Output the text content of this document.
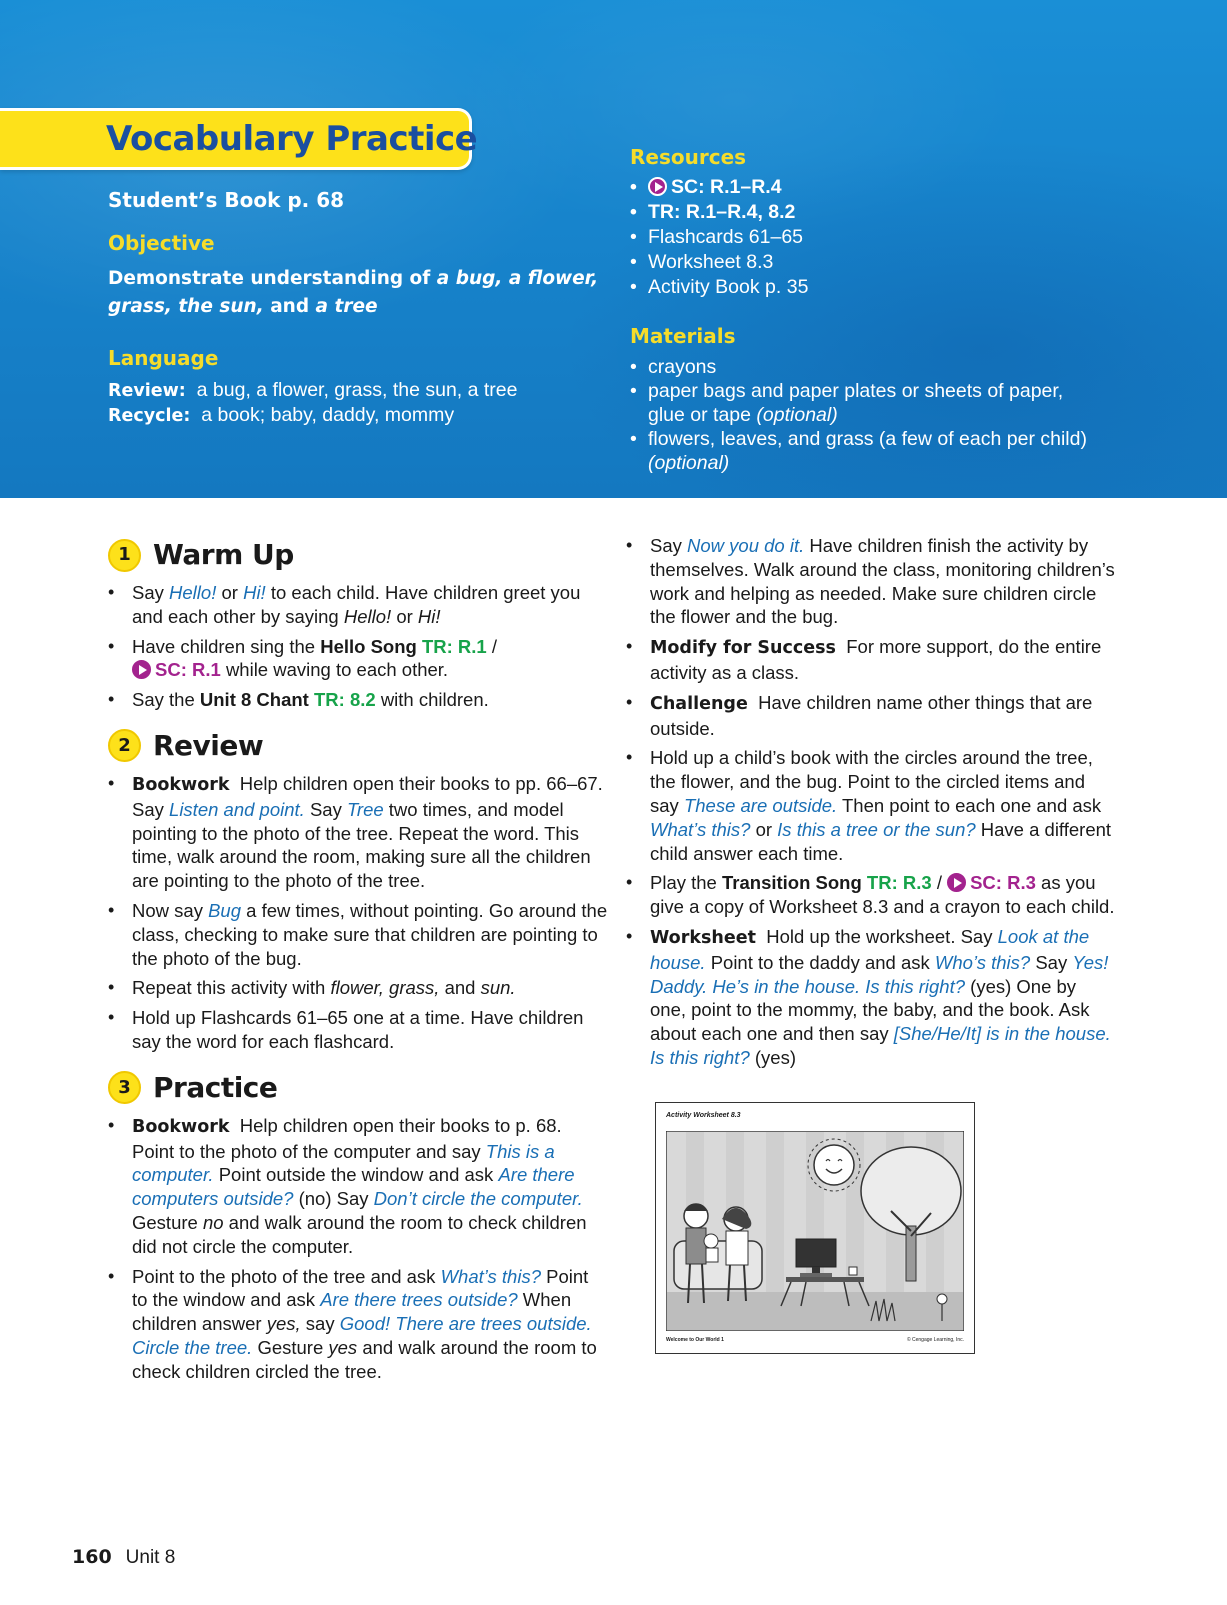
Vocabulary Practice
Student’s Book p. 68
Objective
Demonstrate understanding of a bug, a flower,
grass, the sun, and a tree
Language
Review: a bug, a flower, grass, the sun, a tree
Recycle: a book; baby, daddy, mommy
Resources
• SC: R.1–R.4
• TR: R.1–R.4, 8.2
• Flashcards 61–65
• Worksheet 8.3
• Activity Book p. 35
Materials
• crayons
• paper bags and paper plates or sheets of paper,
glue or tape (optional)
• flowers, leaves, and grass (a few of each per child)
(optional)
1 Warm Up
• Say Hello! or Hi! to each child. Have children greet you and each other by saying Hello! or Hi!
• Have children sing the Hello Song TR: R.1 /
SC: R.1 while waving to each other.
• Say the Unit 8 Chant TR: 8.2 with children.
2 Review
• Bookwork Help children open their books to pp. 66–67. Say Listen and point. Say Tree two times, and model pointing to the photo of the tree. Repeat the word. This time, walk around the room, making sure all the children are pointing to the photo of the tree.
• Now say Bug a few times, without pointing. Go around the class, checking to make sure that children are pointing to the photo of the bug.
• Repeat this activity with flower, grass, and sun.
• Hold up Flashcards 61–65 one at a time. Have children say the word for each flashcard.
3 Practice
• Bookwork Help children open their books to p. 68. Point to the photo of the computer and say This is a computer. Point outside the window and ask Are there computers outside? (no) Say Don’t circle the computer. Gesture no and walk around the room to check children did not circle the computer.
• Point to the photo of the tree and ask What’s this? Point to the window and ask Are there trees outside? When children answer yes, say Good! There are trees outside. Circle the tree. Gesture yes and walk around the room to check children circled the tree.
• Say Now you do it. Have children finish the activity by themselves. Walk around the class, monitoring children’s work and helping as needed. Make sure children circle the flower and the bug.
• Modify for Success For more support, do the entire activity as a class.
• Challenge Have children name other things that are outside.
• Hold up a child’s book with the circles around the tree, the flower, and the bug. Point to the circled items and say These are outside. Then point to each one and ask What’s this? or Is this a tree or the sun? Have a different child answer each time.
• Play the Transition Song TR: R.3 / SC: R.3 as you give a copy of Worksheet 8.3 and a crayon to each child.
• Worksheet Hold up the worksheet. Say Look at the house. Point to the daddy and ask Who’s this? Say Yes! Daddy. He’s in the house. Is this right? (yes) One by one, point to the mommy, the baby, and the book. Ask about each one and then say [She/He/It] is in the house. Is this right? (yes)
Activity Worksheet 8.3
Welcome to Our World 1	© Cengage Learning, Inc.
160 Unit 8
